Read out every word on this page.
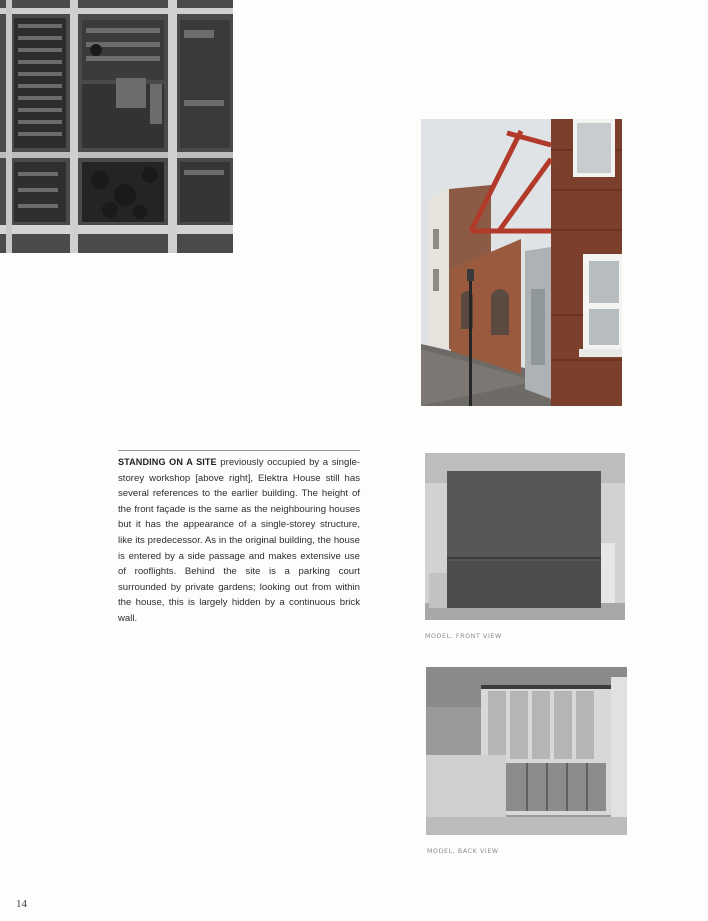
STANDING ON A SITE previously occupied by a single-storey workshop [above right], Elektra House still has several references to the earlier building. The height of the front façade is the same as the neighbouring houses but it has the appearance of a single-storey structure, like its predecessor. As in the original building, the house is entered by a side passage and makes extensive use of rooflights. Behind the site is a parking court surrounded by private gardens; looking out from within the house, this is largely hidden by a continuous brick wall.

MODEL, FRONT VIEW
MODEL, BACK VIEW
14
